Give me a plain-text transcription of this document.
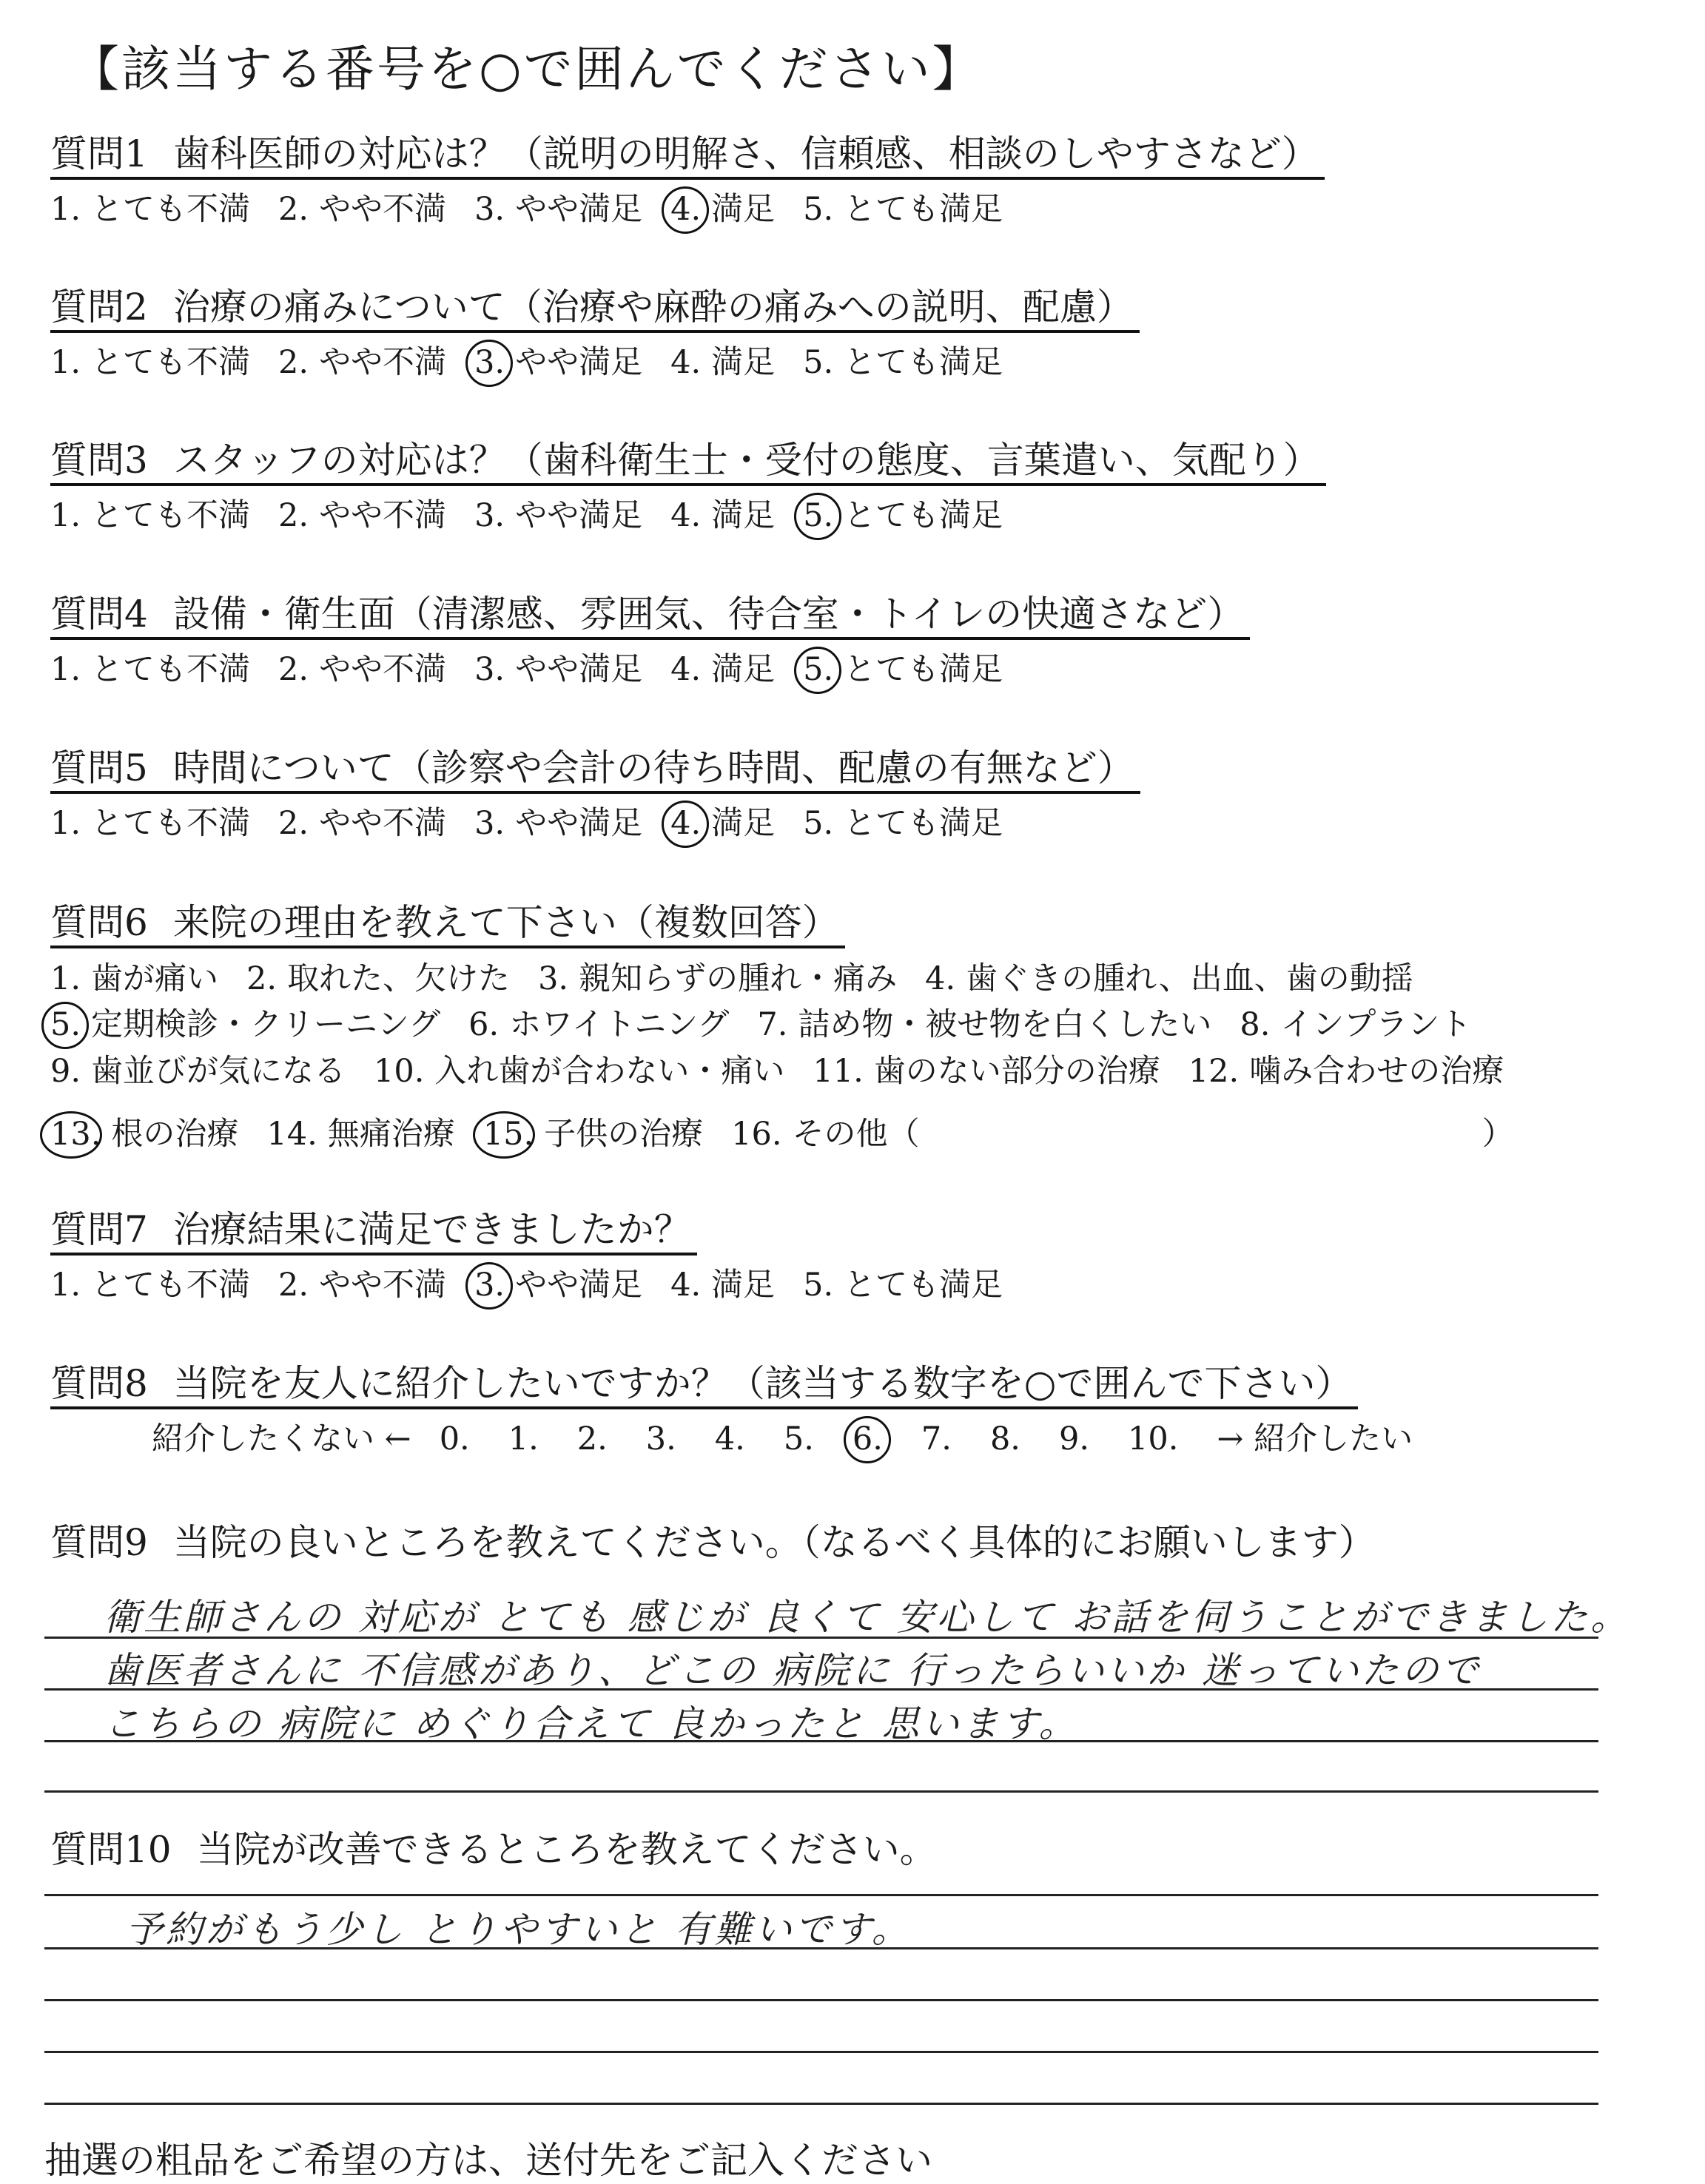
【該当する番号を○で囲んでください】
質問1 歯科医師の対応は？（説明の明解さ、信頼感、相談のしやすさなど）
1. とても不満 2. やや不満 3. やや満足 4. 満足 5. とても満足
質問2 治療の痛みについて（治療や麻酔の痛みへの説明、配慮）
1. とても不満 2. やや不満 3. やや満足 4. 満足 5. とても満足
質問3 スタッフの対応は？（歯科衛生士・受付の態度、言葉遣い、気配り）
1. とても不満 2. やや不満 3. やや満足 4. 満足 5. とても満足
質問4 設備・衛生面（清潔感、雰囲気、待合室・トイレの快適さなど）
1. とても不満 2. やや不満 3. やや満足 4. 満足 5. とても満足
質問5 時間について（診察や会計の待ち時間、配慮の有無など）
1. とても不満 2. やや不満 3. やや満足 4. 満足 5. とても満足
質問6 来院の理由を教えて下さい（複数回答）
1. 歯が痛い 2. 取れた、欠けた 3. 親知らずの腫れ・痛み 4. 歯ぐきの腫れ、出血、歯の動揺
5. 定期検診・クリーニング 6. ホワイトニング 7. 詰め物・被せ物を白くしたい 8. インプラント
9. 歯並びが気になる 10. 入れ歯が合わない・痛い 11. 歯のない部分の治療 12. 噛み合わせの治療
13. 根の治療 14. 無痛治療 15. 子供の治療 16. その他（	）
質問7 治療結果に満足できましたか？
1. とても不満 2. やや不満 3. やや満足 4. 満足 5. とても満足
質問8 当院を友人に紹介したいですか？（該当する数字を○で囲んで下さい）
紹介したくない ← 0. 1. 2. 3. 4. 5. 6. 7. 8. 9. 10. → 紹介したい
質問9 当院の良いところを教えてください。（なるべく具体的にお願いします）
衛生師さんの 対応が とても 感じが 良くて 安心して お話を伺うことができました。
歯医者さんに 不信感があり、どこの 病院に 行ったらいいか 迷っていたので
こちらの 病院に めぐり合えて 良かったと 思います。
質問10 当院が改善できるところを教えてください。
予約がもう少し とりやすいと 有難いです。
抽選の粗品をご希望の方は、送付先をご記入ください
